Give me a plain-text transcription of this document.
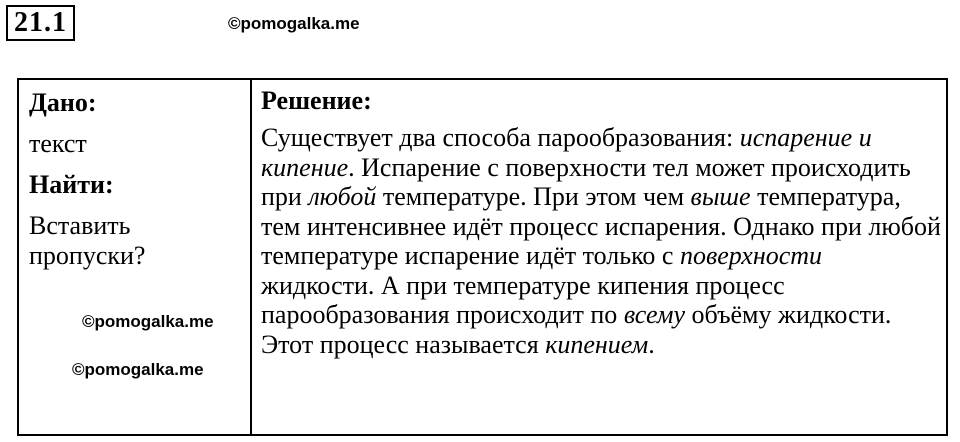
21.1	©pomogalka.me
Дано:
текст
Найти:
Вставить пропуски?
Решение:
Существует два способа парообразования: испарение и кипение. Испарение с поверхности тел может происходить при любой температуре. При этом чем выше температура, тем интенсивнее идёт процесс испарения. Однако при любой температуре испарение идёт только с поверхности жидкости. А при температуре кипения процесс парообразования происходит по всему объёму жидкости. Этот процесс называется кипением.
©pomogalka.me
©pomogalka.me
